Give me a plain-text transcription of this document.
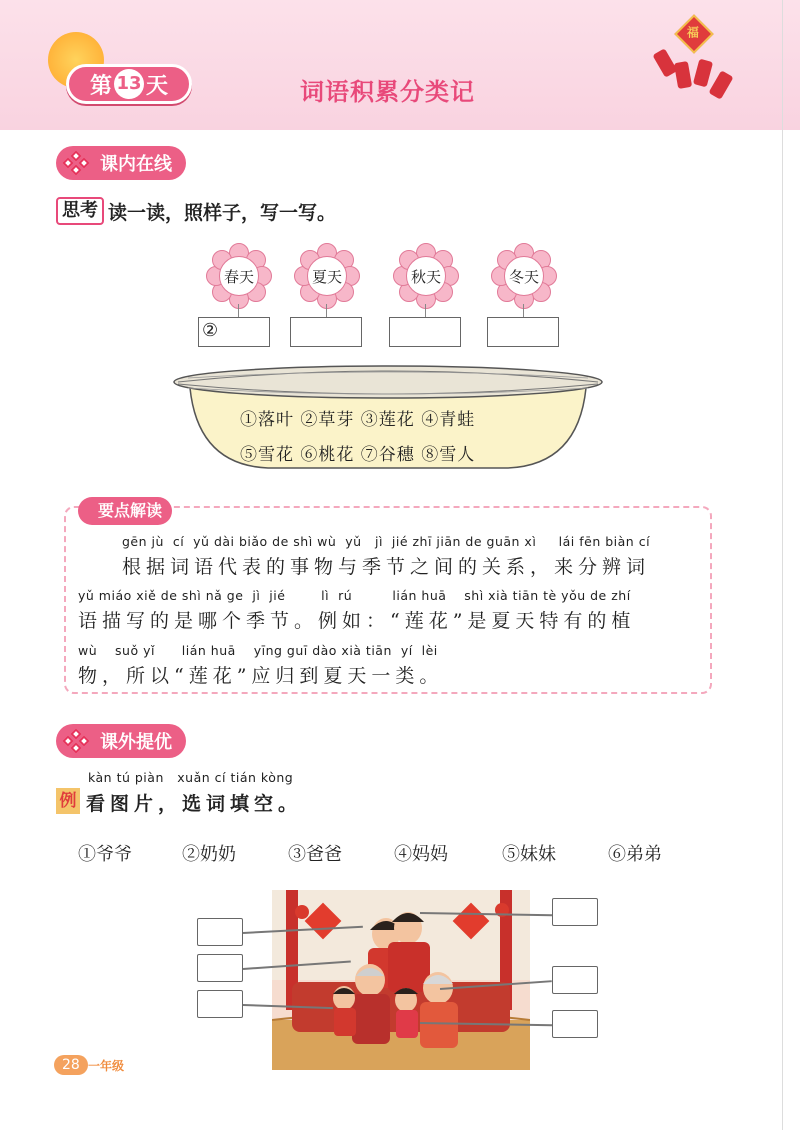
第 13 天	词语积累分类记
福
课内在线
思考 读一读，照样子，写一写。
春天	夏天	秋天	冬天
②
①落叶 ②草芽 ③莲花 ④青蛙
⑤雪花 ⑥桃花 ⑦谷穗 ⑧雪人
要点解读
gēn jù  cí  yǔ dài biǎo de shì wù  yǔ   jì  jié zhī jiān de guān xì     lái fēn biàn cí
根据词语代表的事物与季节之间的关系，来分辨词
yǔ miáo xiě de shì nǎ ge  jì  jié        lì  rú         lián huā    shì xià tiān tè yǒu de zhí
语描写的是哪个季节。例如：“莲花”是夏天特有的植
wù    suǒ yǐ      lián huā    yīng guī dào xià tiān  yí  lèi
物，所以“莲花”应归到夏天一类。
课外提优
kàn tú piàn   xuǎn cí tián kòng
例 看图片，选词填空。
①爷爷	②奶奶	③爸爸	④妈妈	⑤妹妹	⑥弟弟
28 一年级
